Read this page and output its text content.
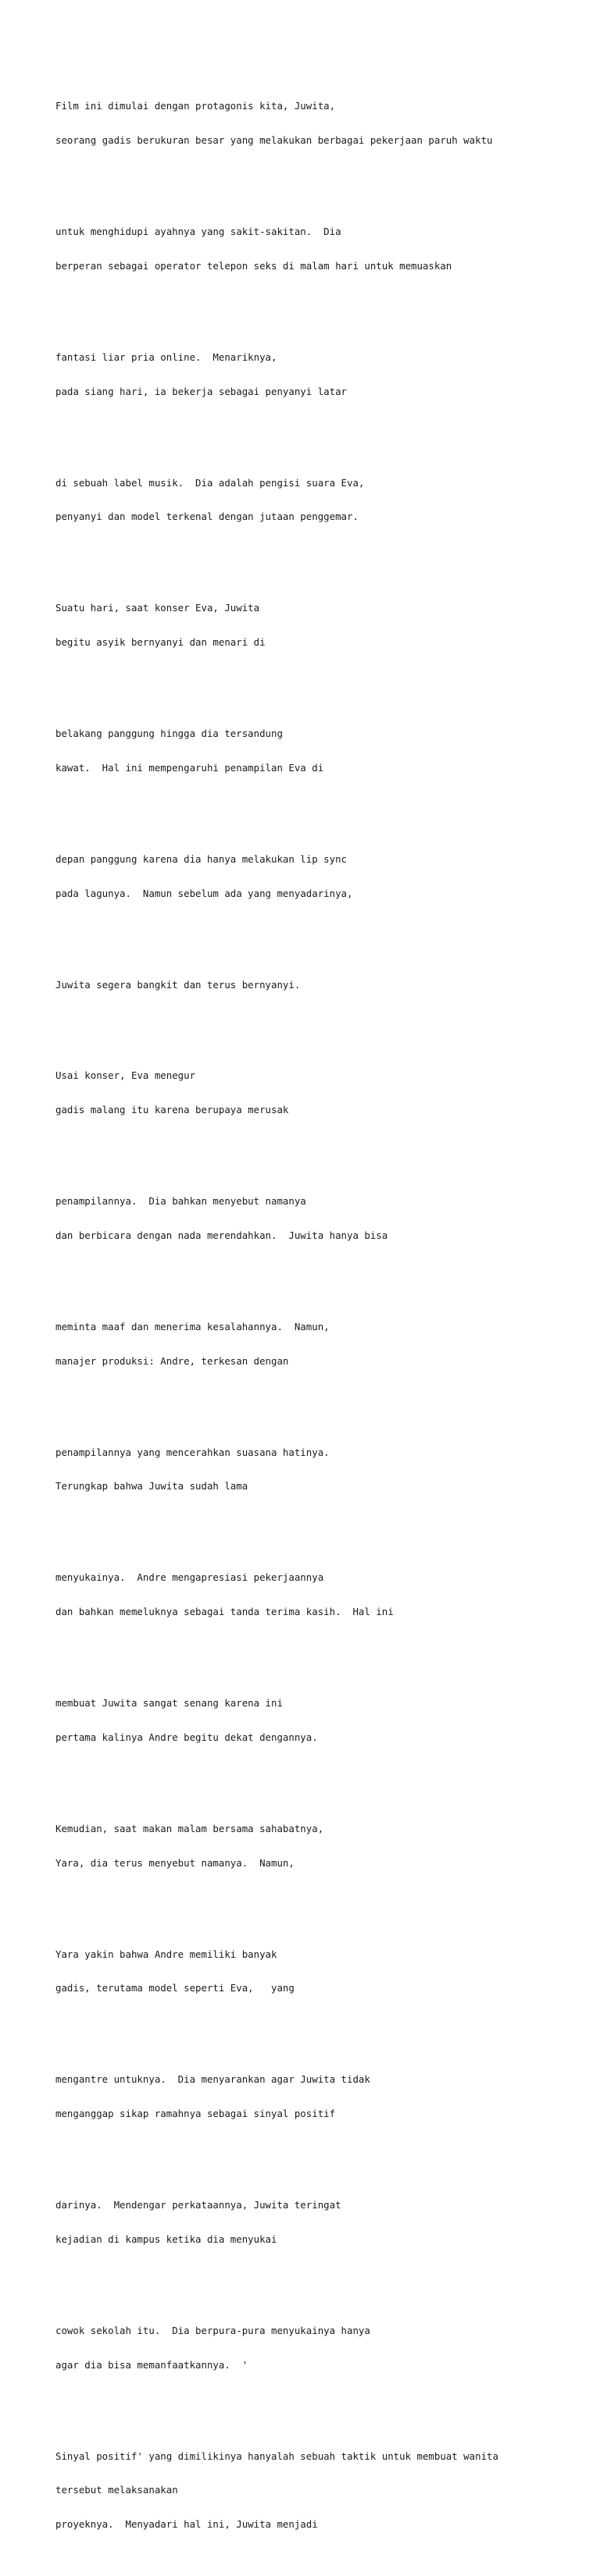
Film ini dimulai dengan protagonis kita, Juwita,

seorang gadis berukuran besar yang melakukan berbagai pekerjaan paruh waktu

untuk menghidupi ayahnya yang sakit-sakitan.  Dia

berperan sebagai operator telepon seks di malam hari untuk memuaskan

fantasi liar pria online.  Menariknya,

pada siang hari, ia bekerja sebagai penyanyi latar

di sebuah label musik.  Dia adalah pengisi suara Eva,

penyanyi dan model terkenal dengan jutaan penggemar.

Suatu hari, saat konser Eva, Juwita

begitu asyik bernyanyi dan menari di

belakang panggung hingga dia tersandung

kawat.  Hal ini mempengaruhi penampilan Eva di

depan panggung karena dia hanya melakukan lip sync

pada lagunya.  Namun sebelum ada yang menyadarinya,

Juwita segera bangkit dan terus bernyanyi.

Usai konser, Eva menegur

gadis malang itu karena berupaya merusak

penampilannya.  Dia bahkan menyebut namanya

dan berbicara dengan nada merendahkan.  Juwita hanya bisa

meminta maaf dan menerima kesalahannya.  Namun,

manajer produksi: Andre, terkesan dengan

penampilannya yang mencerahkan suasana hatinya.

Terungkap bahwa Juwita sudah lama

menyukainya.  Andre mengapresiasi pekerjaannya

dan bahkan memeluknya sebagai tanda terima kasih.  Hal ini

membuat Juwita sangat senang karena ini

pertama kalinya Andre begitu dekat dengannya.

Kemudian, saat makan malam bersama sahabatnya,

Yara, dia terus menyebut namanya.  Namun,

Yara yakin bahwa Andre memiliki banyak

gadis, terutama model seperti Eva,   yang

mengantre untuknya.  Dia menyarankan agar Juwita tidak

menganggap sikap ramahnya sebagai sinyal positif

darinya.  Mendengar perkataannya, Juwita teringat

kejadian di kampus ketika dia menyukai

cowok sekolah itu.  Dia berpura-pura menyukainya hanya

agar dia bisa memanfaatkannya.  '

Sinyal positif' yang dimilikinya hanyalah sebuah taktik untuk membuat wanita

tersebut melaksanakan

proyeknya.  Menyadari hal ini, Juwita menjadi
